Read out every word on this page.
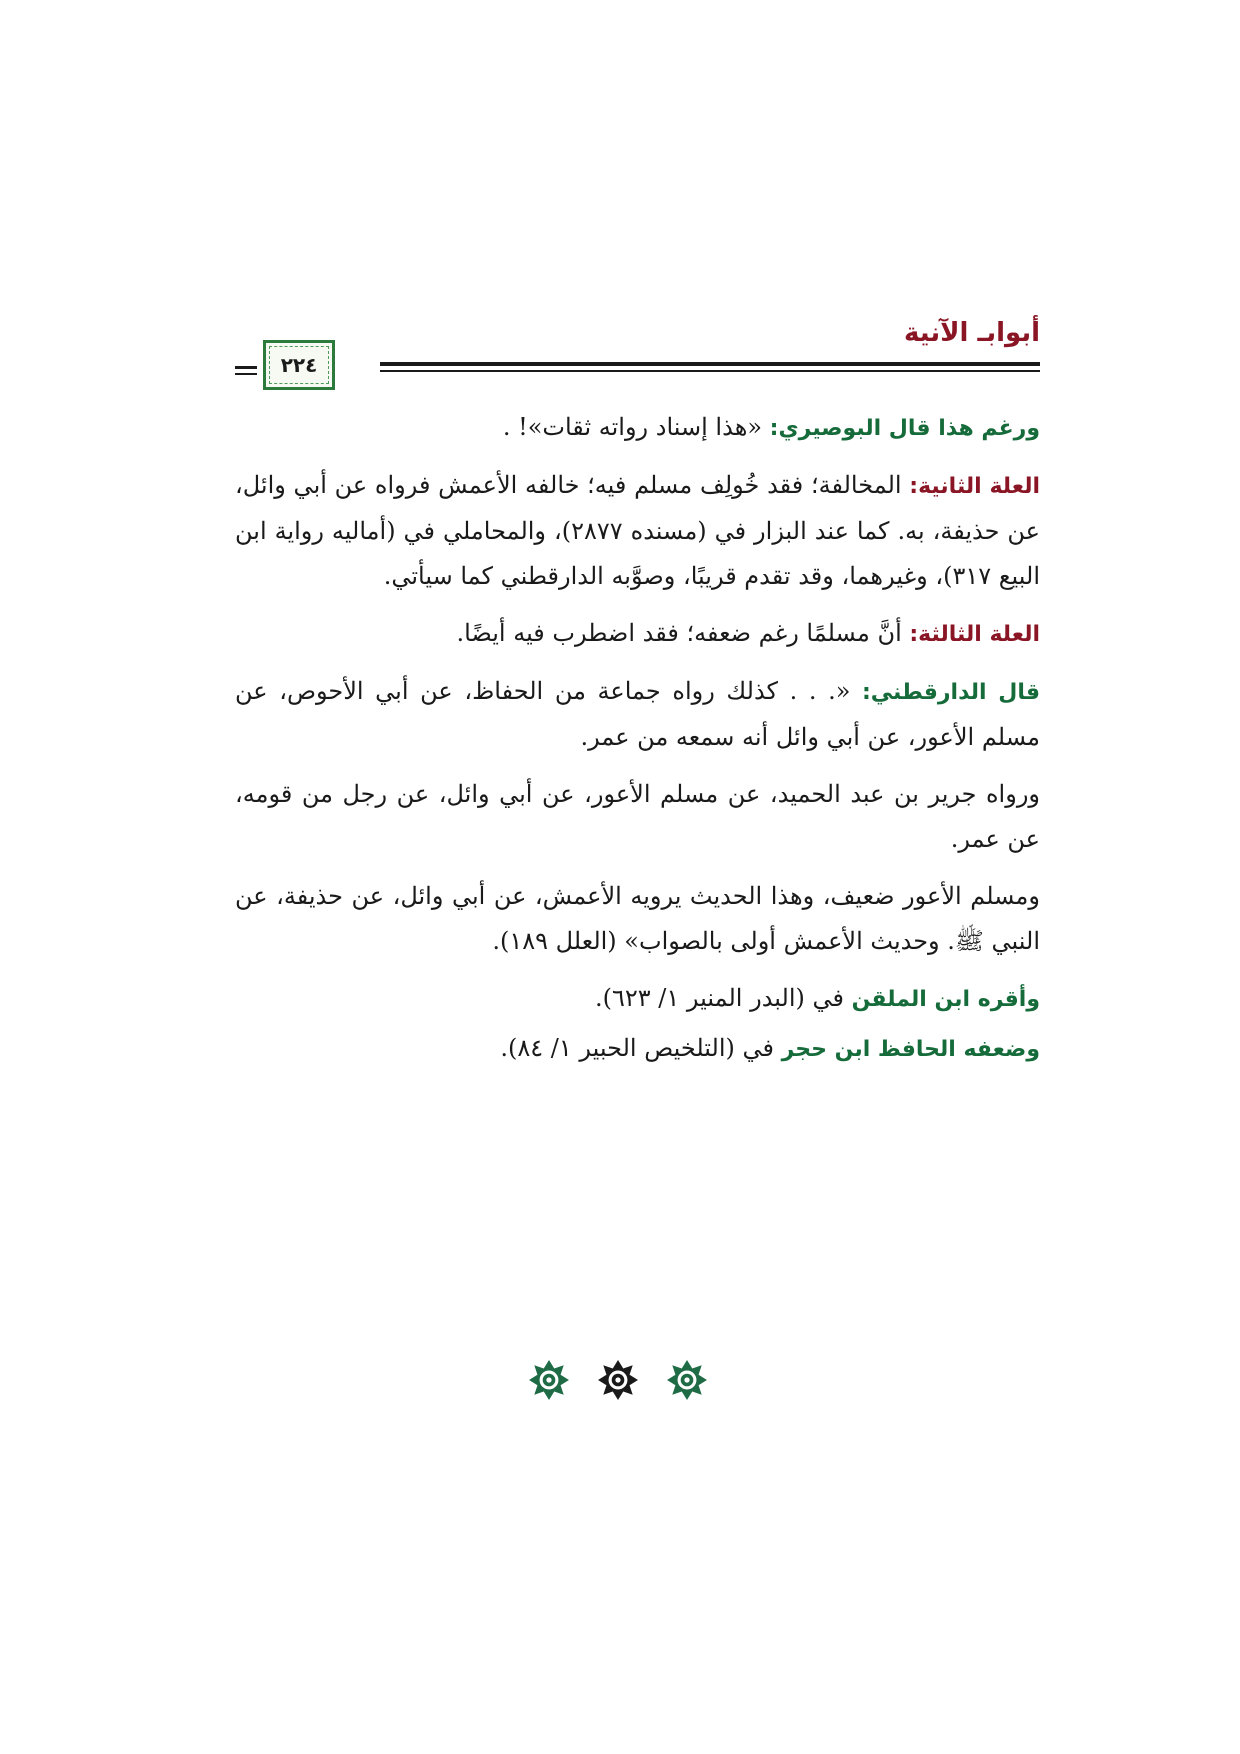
أبوابـ الآنية
٢٢٤

ورغم هذا قال البوصيري: «هذا إسناد رواته ثقات»! .

العلة الثانية: المخالفة؛ فقد خُولِف مسلم فيه؛ خالفه الأعمش فرواه عن أبي وائل، عن حذيفة، به. كما عند البزار في (مسنده ٢٨٧٧)، والمحاملي في (أماليه رواية ابن البيع ٣١٧)، وغيرهما، وقد تقدم قريبًا، وصوَّبه الدارقطني كما سيأتي.

العلة الثالثة: أنَّ مسلمًا رغم ضعفه؛ فقد اضطرب فيه أيضًا.

قال الدارقطني: «. . . كذلك رواه جماعة من الحفاظ، عن أبي الأحوص، عن مسلم الأعور، عن أبي وائل أنه سمعه من عمر.

ورواه جرير بن عبد الحميد، عن مسلم الأعور، عن أبي وائل، عن رجل من قومه، عن عمر.

ومسلم الأعور ضعيف، وهذا الحديث يرويه الأعمش، عن أبي وائل، عن حذيفة، عن النبي ﷺ. وحديث الأعمش أولى بالصواب» (العلل ١٨٩).

وأقره ابن الملقن في (البدر المنير ١/ ٦٢٣).

وضعفه الحافظ ابن حجر في (التلخيص الحبير ١/ ٨٤).
